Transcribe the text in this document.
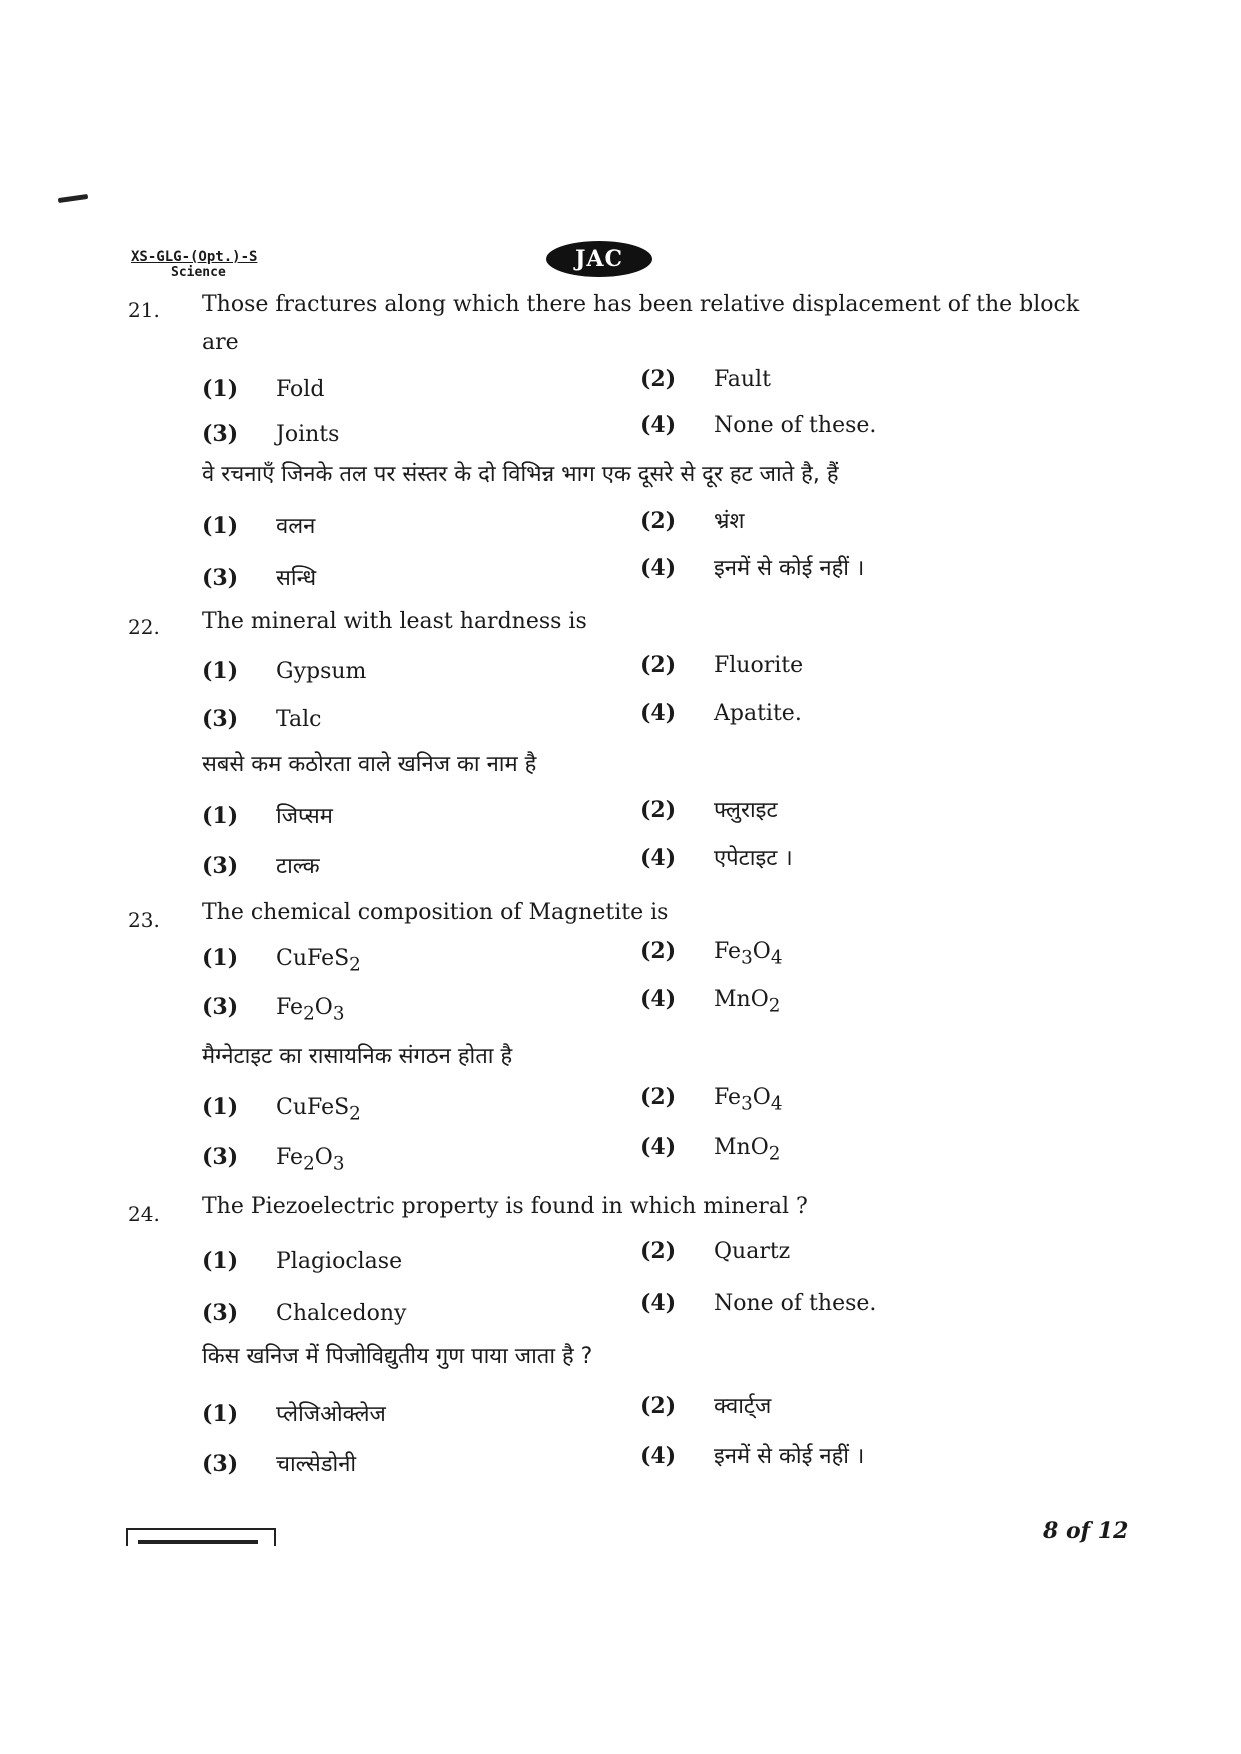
XS-GLG-(Opt.)-S
Science
JAC
21. Those fractures along which there has been relative displacement of the block are
(1) Fold	(2) Fault
(3) Joints	(4) None of these.
वे रचनाएँ जिनके तल पर संस्तर के दो विभिन्न भाग एक दूसरे से दूर हट जाते है, हैं
(1) वलन	(2) भ्रंश
(3) सन्धि	(4) इनमें से कोई नहीं ।
22. The mineral with least hardness is
(1) Gypsum	(2) Fluorite
(3) Talc	(4) Apatite.
सबसे कम कठोरता वाले खनिज का नाम है
(1) जिप्सम	(2) फ्लुराइट
(3) टाल्क	(4) एपेटाइट ।
23. The chemical composition of Magnetite is
(1) CuFeS$_2$
(2) $Fe_3O_4$
(3) $Fe_2O_3$
(4) MnO$_2$
मैग्नेटाइट का रासायनिक संगठन होता है
(1) CuFeS$_2$
(2) $Fe_3O_4$
(3) $Fe_2O_3$
(4) MnO$_2$
24. The Piezoelectric property is found in which mineral ?
(1) Plagioclase	(2) Quartz
(3) Chalcedony	(4) None of these.
किस खनिज में पिजोविद्युतीय गुण पाया जाता है ?
(1) प्लेजिओक्लेज	(2) क्वार्ट्ज
(3) चाल्सेडोनी	(4) इनमें से कोई नहीं ।
8 of 12
